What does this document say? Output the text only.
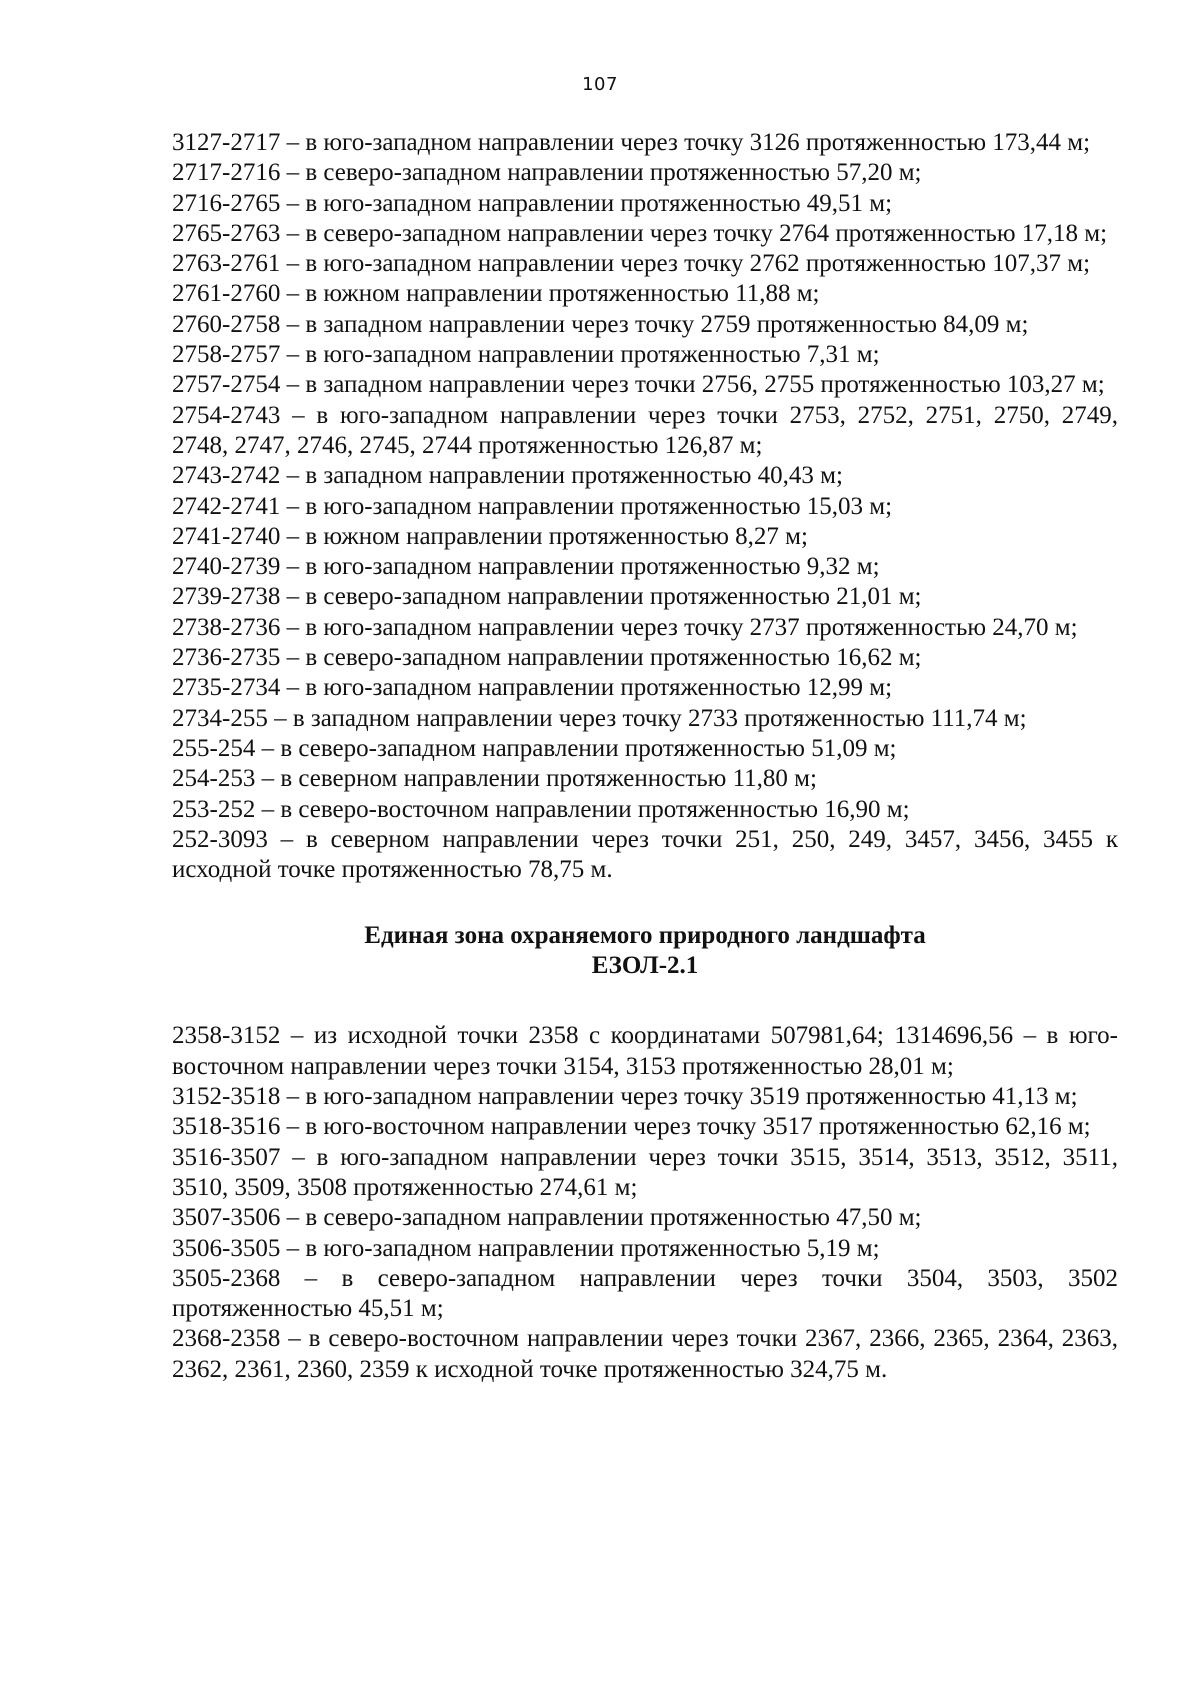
107

3127-2717 – в юго-западном направлении через точку 3126 протяженностью 173,44 м;

2717-2716 – в северо-западном направлении протяженностью 57,20 м;

2716-2765 – в юго-западном направлении протяженностью 49,51 м;

2765-2763 – в северо-западном направлении через точку 2764 протяженностью 17,18 м;

2763-2761 – в юго-западном направлении через точку 2762 протяженностью 107,37 м;

2761-2760 – в южном направлении протяженностью 11,88 м;

2760-2758 – в западном направлении через точку 2759 протяженностью 84,09 м;

2758-2757 – в юго-западном направлении протяженностью 7,31 м;

2757-2754 – в западном направлении через точки 2756, 2755 протяженностью 103,27 м;

2754-2743 – в юго-западном направлении через точки 2753, 2752, 2751, 2750, 2749, 2748, 2747, 2746, 2745, 2744 протяженностью 126,87 м;

2743-2742 – в западном направлении протяженностью 40,43 м;

2742-2741 – в юго-западном направлении протяженностью 15,03 м;

2741-2740 – в южном направлении протяженностью 8,27 м;

2740-2739 – в юго-западном направлении протяженностью 9,32 м;

2739-2738 – в северо-западном направлении протяженностью 21,01 м;

2738-2736 – в юго-западном направлении через точку 2737 протяженностью 24,70 м;

2736-2735 – в северо-западном направлении протяженностью 16,62 м;

2735-2734 – в юго-западном направлении протяженностью 12,99 м;

2734-255 – в западном направлении через точку 2733 протяженностью 111,74 м;

255-254 – в северо-западном направлении протяженностью 51,09 м;

254-253 – в северном направлении протяженностью 11,80 м;

253-252 – в северо-восточном направлении протяженностью 16,90 м;

252-3093 – в северном направлении через точки 251, 250, 249, 3457, 3456, 3455 к исходной точке протяженностью 78,75 м.

Единая зона охраняемого природного ландшафта
ЕЗОЛ-2.1

2358-3152 – из исходной точки 2358 с координатами 507981,64; 1314696,56 – в юго-восточном направлении через точки 3154, 3153 протяженностью 28,01 м;

3152-3518 – в юго-западном направлении через точку 3519 протяженностью 41,13 м;

3518-3516 – в юго-восточном направлении через точку 3517 протяженностью 62,16 м;

3516-3507 – в юго-западном направлении через точки 3515, 3514, 3513, 3512, 3511, 3510, 3509, 3508 протяженностью 274,61 м;

3507-3506 – в северо-западном направлении протяженностью 47,50 м;

3506-3505 – в юго-западном направлении протяженностью 5,19 м;

3505-2368 – в северо-западном направлении через точки 3504, 3503, 3502 протяженностью 45,51 м;

2368-2358 – в северо-восточном направлении через точки 2367, 2366, 2365, 2364, 2363, 2362, 2361, 2360, 2359 к исходной точке протяженностью 324,75 м.
